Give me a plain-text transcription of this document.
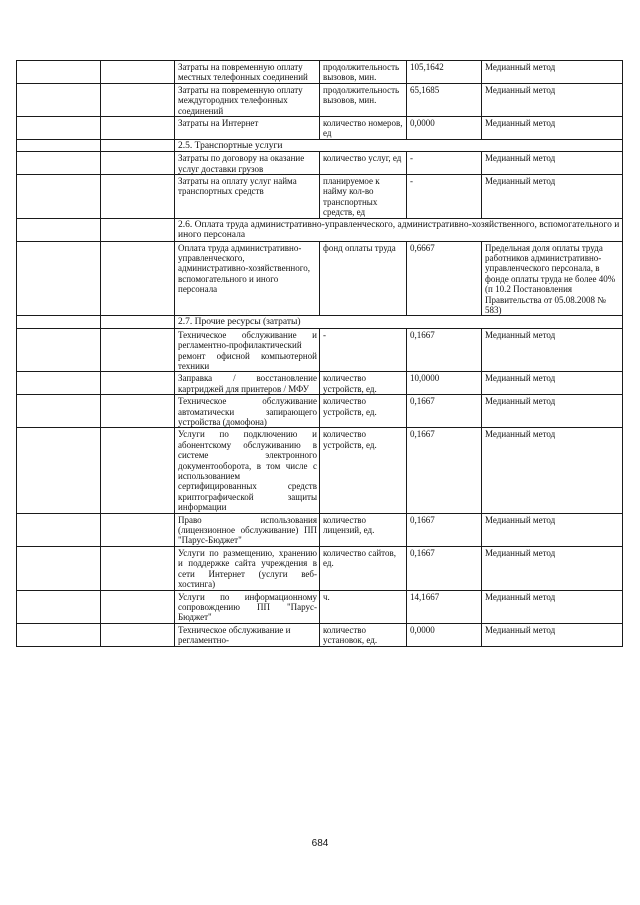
		Затраты на повременную оплату местных телефонных соединений	продолжительность вызовов, мин.	105,1642	Медианный метод
		Затраты на повременную оплату междугородних телефонных соединений	продолжительность вызовов, мин.	65,1685	Медианный метод
		Затраты на Интернет	количество номеров, ед	0,0000	Медианный метод
		2.5. Транспортные услуги			
		Затраты по договору на оказание услуг доставки грузов	количество услуг, ед	-	Медианный метод
		Затраты на оплату услуг найма транспортных средств	планируемое к найму кол-во транспортных средств, ед	-	Медианный метод
		2.6. Оплата труда административно-управленческого, административно-хозяйственного, вспомогательного и иного персонала			
		Оплата труда административно-управленческого, административно-хозяйственного, вспомогательного и иного персонала	фонд оплаты труда	0,6667	Предельная доля оплаты труда работников административно-управленческого персонала, в фонде оплаты труда не более 40% (п 10.2 Постановления Правительства от 05.08.2008 № 583)
		2.7. Прочие ресурсы (затраты)			
		Техническое обслуживание и регламентно-профилактический ремонт офисной компьютерной техники	-	0,1667	Медианный метод
		Заправка / восстановление картриджей для принтеров / МФУ	количество устройств, ед.	10,0000	Медианный метод
		Техническое обслуживание автоматически запирающего устройства (домофона)	количество устройств, ед.	0,1667	Медианный метод
		Услуги по подключению и абонентскому обслуживанию в системе электронного документооборота, в том числе с использованием сертифицированных средств криптографической защиты информации	количество устройств, ед.	0,1667	Медианный метод
		Право использования (лицензионное обслуживание) ПП "Парус-Бюджет"	количество лицензий, ед.	0,1667	Медианный метод
		Услуги по размещению, хранению и поддержке сайта учреждения в сети Интернет (услуги веб-хостинга)	количество сайтов, ед.	0,1667	Медианный метод
		Услуги по информационному сопровождению ПП "Парус-Бюджет"	ч.	14,1667	Медианный метод
		Техническое обслуживание и регламентно-	количество установок, ед.	0,0000	Медианный метод
684
